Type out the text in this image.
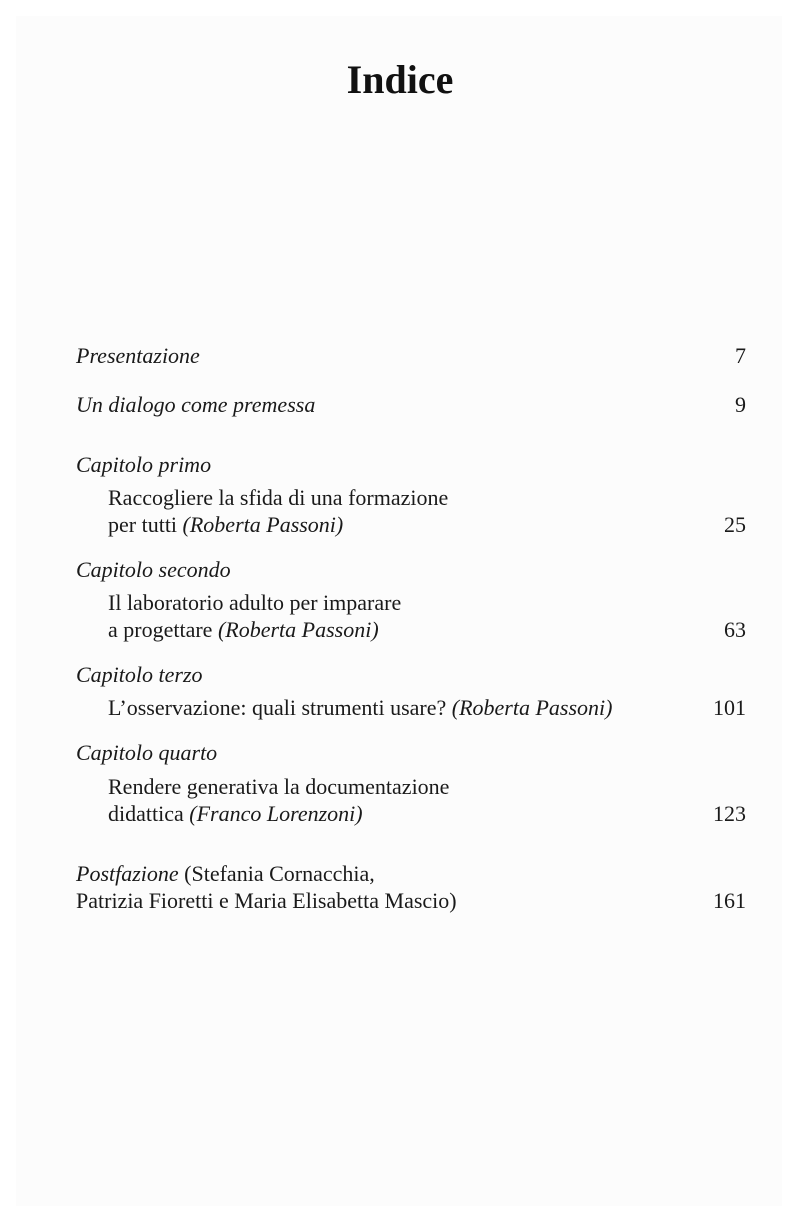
Indice
Presentazione	7
Un dialogo come premessa	9
Capitolo primo
Raccogliere la sfida di una formazione
per tutti (Roberta Passoni)	25
Capitolo secondo
Il laboratorio adulto per imparare
a progettare (Roberta Passoni)	63
Capitolo terzo
L’osservazione: quali strumenti usare? (Roberta Passoni)	101
Capitolo quarto
Rendere generativa la documentazione
didattica (Franco Lorenzoni)	123
Postfazione (Stefania Cornacchia,
Patrizia Fioretti e Maria Elisabetta Mascio)	161
